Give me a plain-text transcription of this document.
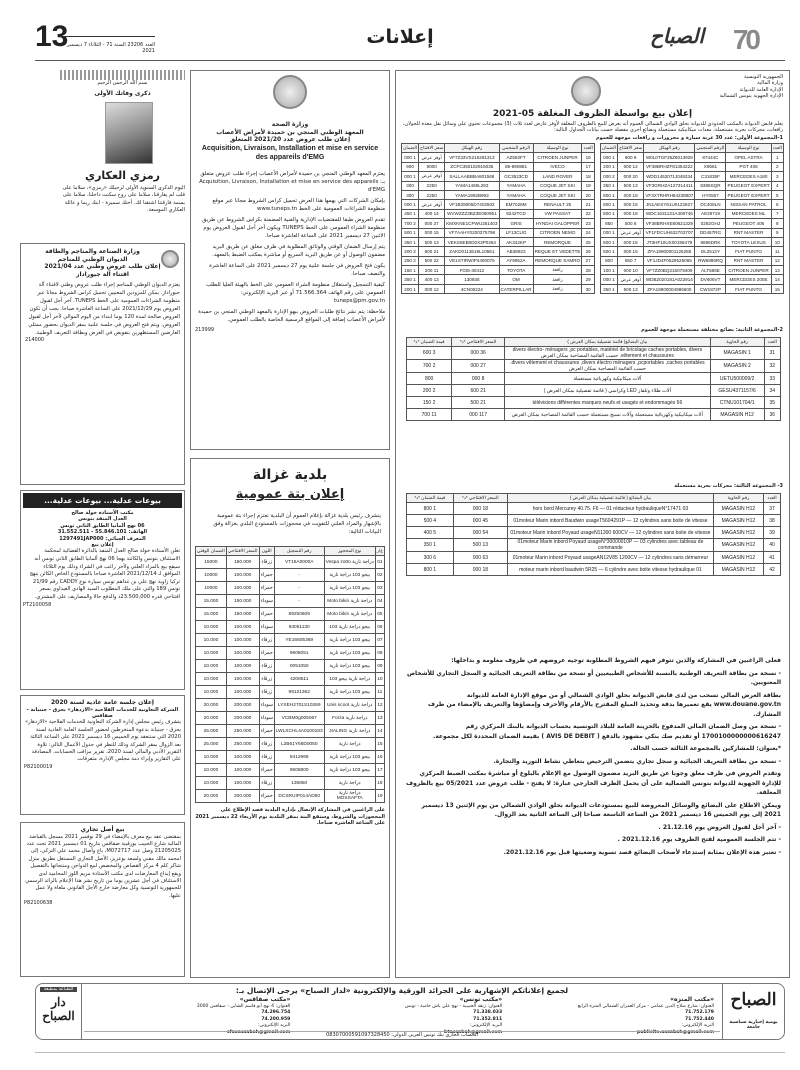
13
العدد 23206 السنة 71 - الثلاثاء 7 ديسمبر 2021
إعلانات	الصباح 70
الجمهورية التونسية
وزارة المالية
الإدارة العامة للديوانة
الإدارة الجهوية بتونس الشمالية
إعلان بيع بواسطة الظروف المغلقة 05-2021
يعلم قابض الديوانة بالمكتب الحدودي للديوانة بحلق الوادي الشمالي العموم أنه يعرض للبيع بالظروف المغلقة لأوفر عارض لعدد ثلاث (3) مجموعات تحتوي على وسائل نقل معدة للجولان، رافعات، محركات بحرية مستعملة، معدات ميكانيكية مستعملة وبضائع أخرى مفصلة حسب بيانات الجداول التالية:
1-المجموعة الأولى: عدد 30 عربة سيارة و مجرورات و رافعات موجهة للعموم
العدد	نوع الوسيلة	الرقم المنجمي	رقم الهيكل	سعر الافتتاح	الضمان
1	OPEL ASTRA	87444C	W0L0TGF35Z8013928	9 600	1 000
2	PGT 406	X9561	VF38BRHZF81354222	12 000	1 200
3	MERCEDES A180	C31835F	WDD1452071J048334	20 000	2 000
4	PEUGEOT EXPERT	8389SQR	VF3GRHZA127314411	13 500	1 350
5	PEUGEOT EXPERT	HY0567	VF3XTRHRH84238807	18 000	1 800
6	NISSAN PATROL	DC408LN	JN1AESY61U0122827	18 000	1 800
7	MERCEDES ML	AE29719	WDC1631131A408746	18 000	1 800
8	PEUGEOT 406	0282GHJ	VF38BRHXE80621329	8 500	850
9	RNT MASTER	DD457RG	VF1FDCUH632703707	أوفر عرض	1 000
10	TOYOTA LEXUS	8896DRK	JT3HF10UX00196479	18 000	1 800
11	FIAT PUNTO	DL2512Y	ZFA19900001125285	15 000	1 500
12	RNT MASTER	RW6886RQ	VF1JD4F0529525065	7 650	800
13	CITROEN JUNPER	ALT586E	VF7ZZ0BQ215079409	10 000	1 100
14	MERCEDES 200E	DV606VT	WDB2020181A022914	أوفر عرض	1 000
15	FIAT PUNTO	CW1872P	ZFA18800004986600	13 500	1 350
العدد	نوع الوسيلة	الرقم المنجمي	رقم الهيكل	سعر الافتتاح	الضمان
16	CITROEN JUNPER	AZ592FT	VF7Z33VS215281313	أوفر عرض	1 000
17	IVECO	85-890881	ZCFC350102915035	9000	900
18	LAND ROVER	GC3523CD	SALLAABBBA801568	أوفر عرض	1 000
19	COQUE JET SKI	YAMAHA	YAMA1466L293	2250	300
20	COQUE JET SKI	YAMAHA	YAMA1992B993	2250	300
21	RENAULT 25	EM7028M	VF1B29005D7402502	أوفر عرض	1 000
22	VW PASSAT	8242TCD	WVWZZZ3BZ3E050961	14 400	1 450
23	HYNDAI GALOPPER	GRIS	KMXKNE1CPWU251403	27 000	2 700
24	CITROEN NEMO	LF13CUG	VF7AAHY0200375798	15 000	1 500
25	REMORQUE	AK342KP	VEKS5EB0D0X3P0264	13 500	1 350
26	REQUE ET VEDETTE	AB38923	ZAKD0113619L10551	21 600	2 200
27	REMORQUE SAMRO	AY9952A	VE1STIRWIP4400075	22 500	2 250
28	رافعة	TOYOTA	FGt5-30412	11 200	1 150
29	رافعة	OM	130935	13 400	1 350
30	رافعة	CATERPILLAR	4CN00224	12 000	1 200
2-المجموعة الثانية: بضائع مختلفة مستعملة موجهة للعموم
العدد	رقم الحاوية	بيان البضائع( قائمة تفصيلية بمكان العرض )	السعر الافتتاحي *د*	قيمة الضمان *د*
31	MAGASIN 1	divers électro- ménagers ,pc portables, matériel de bricolage caches portables, divers vêtement et chaussures. حسب القائمة المصاحبة بمكان العرض	36 000	3 600
32	MAGASIN 2	divers vêtement et chaussures ,divers électro ménagers ,pcportables ,caches portables. حسب القائمة المصاحبة بمكان العرض	27 000	2 700
33	UETU500009/2	آلات ميكانيكية وكهربائية مستعملة	8 000	800
34	GESU4371157/6	آلات طلاء وتلفاز LED وكراسي ( قائمة تفصيلية بمكان العرض )	21 600	2 200
35	CTNU101704/1	66 télévisions différentes marques neufs et usagés et endommagés	21 500	2 150
36	MAGASIN H12	آلات ميكانيكية وكهربائية مستعملة وآلات نسيج مستعملة حسب القائمة المصاحبة بمكان العرض	117 000	11 700
3- المجموعة الثالثة: محركات بحرية مستعملة
العدد	رقم الحاوية	بيان البضائع ( قائمة تفصيلية بمكان العرض )	السعر الافتتاحي *د*	قيمة الضمان *د*
37	MAGASIN H12	03 hors bord Mercurey 40.75. F6 — 01 réducteur hydrauliqueN°17471	18 000	1 800
38	MAGASIN H12	01moteur Marin inbord Baudwin usageT5604291P — 12 cylindres sans boite de vitesse	45 000	4 500
39	MAGASIN H12	01moteur Marin inbord Poyaud usageN11300 600CV — 12 cylindres sans boite de vitesse	54 000	5 400
40	MAGASIN H12	01moteur Marin inbord Poyaud usageN°30000010P — 03 cylindres avec tableau de commande	13 500	1 350
41	MAGASIN H12	01moteur Marin inbord Poyaud usageAN12V85 1200CV — 12 cylindres sans démarreur	63 000	6 300
42	MAGASIN H12	01 moteur marin inbord baudwin 5R25 — 6 cylindre avec boite vitesse hydraulique	18 000	1 800

فعلى الراغبين في المشاركة والذين تتوفر فيهم الشروط المطلوبة توجيه عروضهم في ظروف مغلومة و بداخلها:

- نسخة من بطاقة التعريف الوطنية بالنسبة للأشخاص الطبيعيين أو نسخة من بطاقة التعريف الجبائية و السجل التجاري للأشخاص المعنويين.

بطاقة العرض المالي تسحب من لدى قابض الديوانة بحلق الوادي الشمالي أو من موقع الإدارة العامة للديوانة www.douane.gov.tn يقع تعميرها بدقة وتحديد المبلغ المقترح بالأرقام والأحرف وإمضاؤها والتعريف بالإمضاء من طرف المشارك.

- نسخة من وصل الضمان المالي المدفوع بالخزينة العامة للبلاد التونسية بحساب الديوانة بالبنك المركزي رقم 1700100000000616247 أو تقديم صك بنكي مشهود بالدفع ( AVIS DE DEBIT ) بقيمة الضمان المحددة لكل مجموعة.

*بعنوان: للمشاركين بالمجموعة الثالثة حسب الحالة.

- نسخة من بطاقة التعريف الجبائية و سجل تجاري يتضمن الترخيص بتعاطي نشاط التوريد والتجارة.

وتقدم العروض في ظرف مغلق وجوبا عن طريق البريد مضمون الوصول مع الإعلام بالبلوغ أو مباشرة بمكتب الضبط المركزي للإدارة الجهوية للديوانة بتونس الشمالية على أن يحمل الظرف الخارجي عبارة: لا يفتح - طلب عروض عدد 05/2021 بيع بالظروف المغلقة.

ويمكن الاطلاع على البضائع والوسائل المعروضة للبيع بمستودعات الديوانة بحلق الوادي الشمالي من يوم الإثنين 13 ديسمبر 2021 إلى يوم الخميس 16 ديسمبر 2021 من الساعة التاسعة صباحا إلى الساعة الثانية بعد الزوال.

- آخر أجل لقبول العروض يوم 21.12.16 .

- تتم الجلسة العمومية لفتح الظروف يوم 2021.12.16 .

- تعتبر هذه الإعلان بمثابة إستدعاء لأصحاب البضائع قصد تسوية وضعيتها قبل يوم 2021.12.16.

وزارة الصحة
المعهد الوطني المنجي بن حميدة لأمراض الأعصاب
إعلان طلب عروض عدد 2021/20 المتعلق
Acquisition, Livraison, Installation et mise en service des appareils d'EMG

يعتزم المعهد الوطني المنجي بن حميدة لأمراض الأعصاب إجراء طلب عروض متعلق بـ: Acquisition, Livraison, Installation et mise en service des appareils d'EMG

بإمكان الشركات التي يهمها هذا العرض تحميل كراس الشروط مجانا عبر موقع منظومة الشراءات العمومية على الخط www.tuneps.tn

تقدم العروض طبقا للمقتضيات الإدارية والفنية المضمنة بكراس الشروط عن طريق منظومة الشراء العمومي على الخط TUNEPS ويكون آخر أجل لقبول العروض يوم الاثنين 27 ديسمبر 2021 على الساعة العاشرة صباحا.

يتم إرسال الضمان الوقتي والوثائق المطلوبة في ظرف مغلق عن طريق البريد مضمون الوصول أو عن طريق البريد السريع أو مباشرة بمكتب الضبط بالمعهد.

يكون فتح العروض في جلسة علنية يوم 27 ديسمبر 2021 على الساعة العاشرة والنصف صباحا.

كيفية التسجيل واستغلال منظومة الشراء العمومي على الخط بالهيئة العليا للطلب العمومي على رقم الهاتف 71.566.364 أو عبر البريد الإلكتروني: tuneps@pm.gov.tn

ملاحظة: يتم نشر نتائج طلبات العروض ببهو الإدارة بالمعهد الوطني المنجي بن حميدة لأمراض الأعصاب إضافة إلى المواقع الرسمية الخاصة بالطلب العمومي.

213999
بلدية غزالة
إعلان بتة عمومية
يتشرف رئيس بلدية غزالة بإعلام العموم أن البلدية تعتزم إجراء بتة عمومية بالإشهار والمزاد العلني للتفويت في محجوزات بالمستودع البلدي بغزالة وفق البيانات التالية:
ع/ر	نوع المحجوز	رقم التسجيل	اللون	السعر الافتتاحي	الضمان الوقتي
01	دراجة نارية Vespa zotto	VT15A0000A	زرقاء	150.000	15000
02	بيجو 103 دراجة نارية	-	حمراء	100.000	10000
03	بيجو 103 دراجة نارية	-	حمراء	100.000	10000
04	دراجة نارية Moto bikin	-	سوداء	150.000	15.000
05	دراجة نارية Moto bikin	89250609	حمراء	150.000	15.000
06	بيجو دراجة نارية 103	84051130	سوداء	100.000	10.000
07	بيجو 103 دراجة نارية	YE16605369	زرقاء	100.000	10.000
08	بيجو 103 دراجة نارية	9608051	حمراء	100.000	10.000
09	بيجو 103 دراجة نارية	0051050	زرقاء	100.000	10.000
10	دراجة نارية بيجو 103	4208511	زرقاء	100.000	10.000
11	بيجو 103 دراجة نارية	99121362	زرقاء	100.000	10.000
12	دراجة نارية Unis scoot	LYXEH2701S10269	سوداء	200.000	20.000
13	دراجة نارية Forza	VCBM0g005067	سوداء	200.000	20.000
14	دراجة نارية JIALING	LWLXCHL4A0100183	حمراء	250.000	25.000
15	دراجة نارية	L2B61Y68D0050	زرقاء	250.000	25.000
16	بيجو 103 دراجة نارية	8412968	زرقاء	100.000	10.000
17	بيجو 103 دراجة نارية	9608800	حمراء	100.000	10.000
18	دراجة نارية	135850	زرقاء	100.000	10.000
19	دراجة نارية MOSSAFTA	DCSRUIP014AD50	حمراء	200.000	20.000
على الراغبين في المشاركة الإتصال بإدارة البلدية قصد الإطلاع على المحجوزات والشروط، وستقع البتة بمقر البلدية يوم الأربعاء 22 ديسمبر 2021 على الساعة العاشرة صباحا.
بسم الله الرحمن الرحيم
ذكرى وفاتك الأولى
رمزي العكاري
اليوم الذكرى السنوية الأولى لرحيلك «رمزي»، سلاما على قلب لم يفارقنا، سلاما على روح سكنت داخلنا، سلاما على بسمة فارقتنا اشتقنا لك. أختك سميرة - ابنك ريما و عائلة العكاري الموسعة.
وزارة الصناعة والمناجم والطاقة
الديوان الوطني للمناجم
إعلان طلب عروض وطني عدد 2021/04
اقتناء آلة جيوراداز
يعتزم الديوان الوطني للمناجم إجراء طلب عروض وطني لاقتناء آلة جيوراداز. يمكن للمزودين المعنيين تحميل كراس الشروط مجانا عبر منظومة الشراءات العمومية على الخط TUNEPS. آخر أجل لقبول العروض يوم 2021/12/29 على الساعة العاشرة صباحا. يجب أن تكون العروض صالحة لمدة 120 يوما ابتداء من اليوم الموالي لآخر أجل لقبول العروض. ويتم فتح العروض في جلسة علنية بمقر الديوان بحضور ممثلي العارضين المستظهرين بتفويض في الغرض وبطاقة التعريف الوطنية.
214000
بيوعات عدلية... بيوعات عدلية...
مكتب الأستاذة خولة صالح
العدل المنفذ بتونس
06 نهج ألمانيا الطابق الثاني تونس
الهاتف: 55.846.101 - 31.552.511
المعرف الجبائي: 1297491JAP000
إعلان بيع
تعلن الأستاذة خولة صالح العدل المنفذ بالدائرة القضائية لمحكمة الاستئناف بتونس والكائنة بهجا 06 نهج ألمانيا الطابق الثاني تونس أنه سيقع بيع بالمزاد العلني ولأخر راغب في الشراء وذلك يوم الثلاثاء الموافق لـ 2021/12/14 العاشرة صباحا بالمستودع الخاص الكائن بنهج تركيا زاوية نهج علي بن غذاهم تونس سيارة نوع CADDY رقم 21/99 تونس 189 والتي على ملك المطلوب السيد الهادي الغيداوي بسعر افتتاحي قدره 23.500,000د والدفع حالا والمصاريف على المشتري.
PT2100058
إعلان جلسة عامة عادية لسنة 2020
الشركة التعاونية للخدمات الفلاحية «الازدهار» بحزق - جبنيانة - صفاقس
يتشرف رئيس مجلس إدارة الشركة التعاونية للخدمات الفلاحية «الازدهار» بحزق - جبنيانة بدعوة المنخرطين لحضور الجلسة العامة العادية لسنة 2020 التي ستنعقد يوم الخميس 16 ديسمبر 2021 على الساعة الثالثة بعد الزوال بمقر الشركة وذلك للنظر في جدول الأعمال التالي: تلاوة التقرير الأدبي والمالي لسنة 2020، تقرير مراقب الحسابات، المصادقة على التقارير وإبراء ذمة مجلس الإدارة، متفرقات.
P82100019
بيع أصل تجاري
بمقتضى عقد بيع معرف بالإمضاء في 29 نوفمبر 2021 مسجل بالقباضة المالية شارع الحبيب بورقيبة صفاقس بتاريخ 01 ديسمبر 2021 تحت عدد 21205025 وصل عدد M072717، باع وأصال محمد علي التركي، إلى امحمد مالك مقني ولسعد بوعزيز، الأصل التجاري المستغل بطريق منزل شاكر كلم 4 مركز القصاص والمخصص لبيع الدواجن ومنتجاتها بالتفصيل ويقع إيداع المعارضات لدى مكتب الأستاذة مريم اللوز المحامية لدى الاستئناف في أجل عشرين يوما من تاريخ نشر هذا الإعلام بالرائد الرسمي للجمهورية التونسية وكل معارضة خارج الأجل القانوني ملغاة ولا عمل عليها.
P82100638
الصباح
يومية إخبارية سياسية جامعة
للطباعة بمطبعة
دار الصباح
لجميع إعلاناتكم الإشهارية على الجرائد الورقية والإلكترونية «لدار الصباح» يرجى الإتصال بـ:
«مكتب المنزه»
العنوان: شارع صلاح الدين عمامي - مركز العمران الشمالي المنزه الرابع
71.752.179
71.752.440
البريد الإلكتروني:
publicite.assabah@gmail.com
«مكتب تونس»
العنوان: زنقة الحبيبية - نهج علي باش حامبة - تونس
71.338.033
71.352.811
البريد الإلكتروني:
btassabah@gmail.com
«مكتب صفاقس»
العنوان: 4 نهج أبو قاسم الشابي - صفاقس 3000
74.296.754
74.200.959
البريد الإلكتروني:
sfaxassabah@gmail.com	الحساب الجاري بنك تونس العربي الدولي: 08307000591097328450
